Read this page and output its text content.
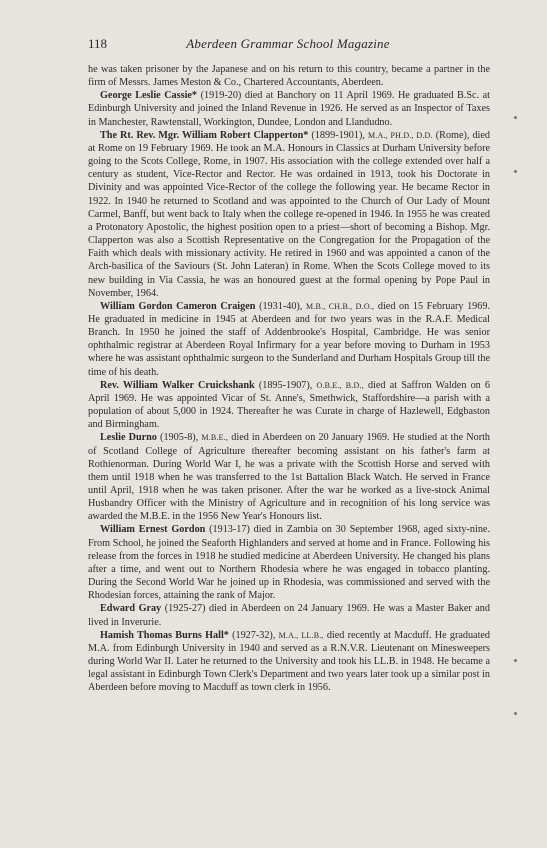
118	Aberdeen Grammar School Magazine

he was taken prisoner by the Japanese and on his return to this country, became a partner in the firm of Messrs. James Meston & Co., Chartered Accountants, Aberdeen.

George Leslie Cassie* (1919-20) died at Banchory on 11 April 1969. He graduated B.Sc. at Edinburgh University and joined the Inland Revenue in 1926. He served as an Inspector of Taxes in Manchester, Rawtenstall, Workington, Dundee, London and Llandudno.

The Rt. Rev. Mgr. William Robert Clapperton* (1899-1901), M.A., PH.D., D.D. (Rome), died at Rome on 19 February 1969. He took an M.A. Honours in Classics at Durham University before going to the Scots College, Rome, in 1907. His association with the college extended over half a century as student, Vice-Rector and Rector. He was ordained in 1913, took his Doctorate in Divinity and was appointed Vice-Rector of the college the following year. He became Rector in 1922. In 1940 he returned to Scotland and was appointed to the Church of Our Lady of Mount Carmel, Banff, but went back to Italy when the college re-opened in 1946. In 1955 he was created a Protonatory Apostolic, the highest position open to a priest—short of becoming a Bishop. Mgr. Clapperton was also a Scottish Representative on the Congregation for the Propagation of the Faith which deals with missionary activity. He retired in 1960 and was appointed a canon of the Arch-basilica of the Saviours (St. John Lateran) in Rome. When the Scots College moved to its new building in Via Cassia, he was an honoured guest at the formal opening by Pope Paul in November, 1964.

William Gordon Cameron Craigen (1931-40), M.B., CH.B., D.O., died on 15 February 1969. He graduated in medicine in 1945 at Aberdeen and for two years was in the R.A.F. Medical Branch. In 1950 he joined the staff of Addenbrooke's Hospital, Cambridge. He was senior ophthalmic registrar at Aberdeen Royal Infirmary for a year before moving to Durham in 1953 where he was assistant ophthalmic surgeon to the Sunderland and Durham Hospitals Group till the time of his death.

Rev. William Walker Cruickshank (1895-1907), O.B.E., B.D., died at Saffron Walden on 6 April 1969. He was appointed Vicar of St. Anne's, Smethwick, Staffordshire—a parish with a population of about 5,000 in 1924. Thereafter he was Curate in charge of Hazlewell, Edgbaston and Birmingham.

Leslie Durno (1905-8), M.B.E., died in Aberdeen on 20 January 1969. He studied at the North of Scotland College of Agriculture thereafter becoming assistant on his father's farm at Rothienorman. During World War I, he was a private with the Scottish Horse and served with them until 1918 when he was transferred to the 1st Battalion Black Watch. He served in France until April, 1918 when he was taken prisoner. After the war he worked as a live-stock Animal Husbandry Officer with the Ministry of Agriculture and in recognition of his long service was awarded the M.B.E. in the 1956 New Year's Honours list.

William Ernest Gordon (1913-17) died in Zambia on 30 September 1968, aged sixty-nine. From School, he joined the Seaforth Highlanders and served at home and in France. Following his release from the forces in 1918 he studied medicine at Aberdeen University. He changed his plans after a time, and went out to Northern Rhodesia where he was engaged in tobacco planting. During the Second World War he joined up in Rhodesia, was commissioned and served with the Rhodesian forces, attaining the rank of Major.

Edward Gray (1925-27) died in Aberdeen on 24 January 1969. He was a Master Baker and lived in Inverurie.

Hamish Thomas Burns Hall* (1927-32), M.A., LL.B., died recently at Macduff. He graduated M.A. from Edinburgh University in 1940 and served as a R.N.V.R. Lieutenant on Minesweepers during World War II. Later he returned to the University and took his LL.B. in 1948. He became a legal assistant in Edinburgh Town Clerk's Department and two years later took up a similar post in Aberdeen before moving to Macduff as town clerk in 1956.
